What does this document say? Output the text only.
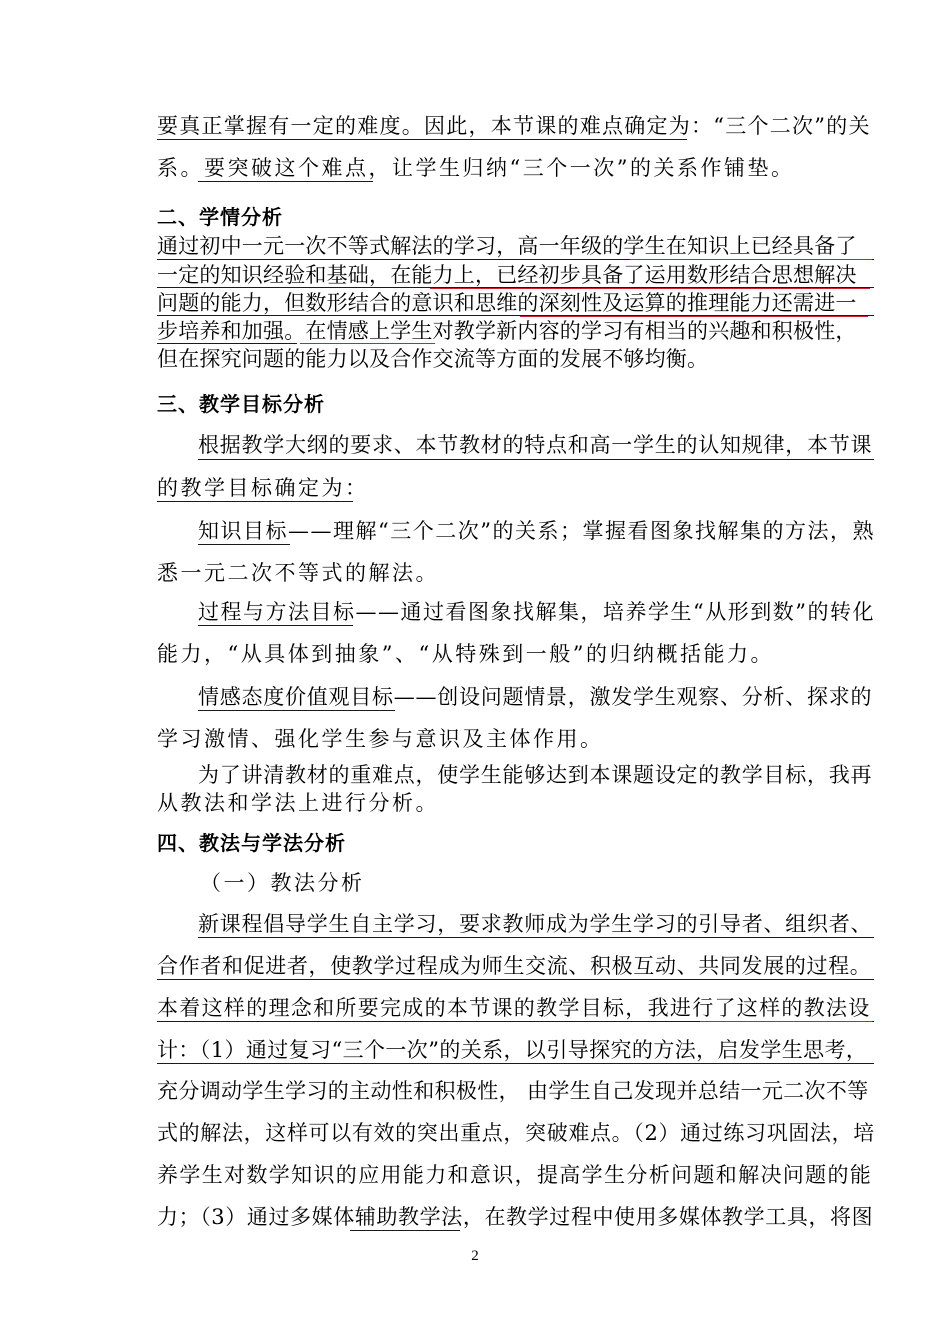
要真正掌握有一定的难度。因此，本节课的难点确定为：“三个二次”的关
系。要突破这个难点，让学生归纳“三个一次”的关系作铺垫。
二、学情分析
通过初中一元一次不等式解法的学习，高一年级的学生在知识上已经具备了
一定的知识经验和基础，在能力上，已经初步具备了运用数形结合思想解决
问题的能力，但数形结合的意识和思维的深刻性及运算的推理能力还需进一
步培养和加强。在情感上学生对教学新内容的学习有相当的兴趣和积极性，
但在探究问题的能力以及合作交流等方面的发展不够均衡。
三、教学目标分析
根据教学大纲的要求、本节教材的特点和高一学生的认知规律，本节课
的教学目标确定为：
知识目标——理解“三个二次”的关系；掌握看图象找解集的方法，熟
悉一元二次不等式的解法。
过程与方法目标——通过看图象找解集，培养学生“从形到数”的转化
能力，“从具体到抽象”、“从特殊到一般”的归纳概括能力。
情感态度价值观目标——创设问题情景，激发学生观察、分析、探求的
学习激情、强化学生参与意识及主体作用。
为了讲清教材的重难点，使学生能够达到本课题设定的教学目标，我再
从教法和学法上进行分析。
四、教法与学法分析
（一）教法分析
新课程倡导学生自主学习，要求教师成为学生学习的引导者、组织者、
合作者和促进者，使教学过程成为师生交流、积极互动、共同发展的过程。
本着这样的理念和所要完成的本节课的教学目标，我进行了这样的教法设
计：（1）通过复习“三个一次”的关系，以引导探究的方法，启发学生思考，
充分调动学生学习的主动性和积极性， 由学生自己发现并总结一元二次不等
式的解法，这样可以有效的突出重点，突破难点。（2）通过练习巩固法，培
养学生对数学知识的应用能力和意识，提高学生分析问题和解决问题的能
力；（3）通过多媒体辅助教学法，在教学过程中使用多媒体教学工具，将图
2
